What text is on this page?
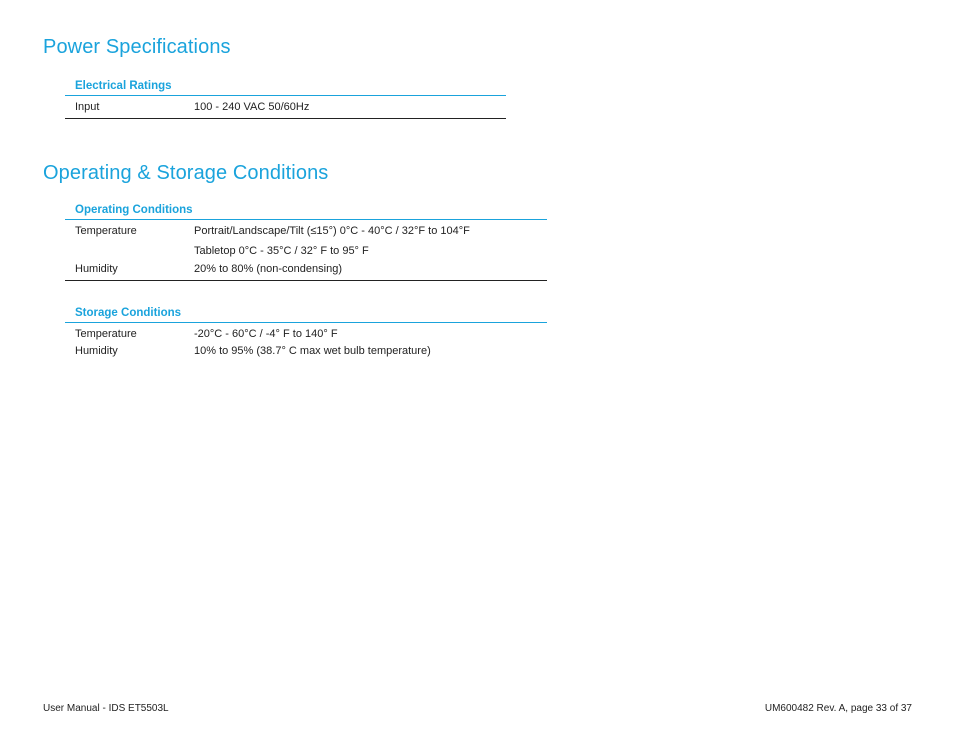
Power Specifications
Electrical Ratings
Input	100 - 240 VAC 50/60Hz
Operating & Storage Conditions
Operating Conditions
Temperature	Portrait/Landscape/Tilt (≤15°) 0°C - 40°C / 32°F to 104°F
	Tabletop 0°C - 35°C / 32° F to 95° F
Humidity	20% to 80% (non-condensing)
Storage Conditions
Temperature	-20°C - 60°C / -4° F to 140° F
Humidity	10% to 95% (38.7° C max wet bulb temperature)
User Manual - IDS ET5503L	UM600482 Rev. A, page 33 of 37
